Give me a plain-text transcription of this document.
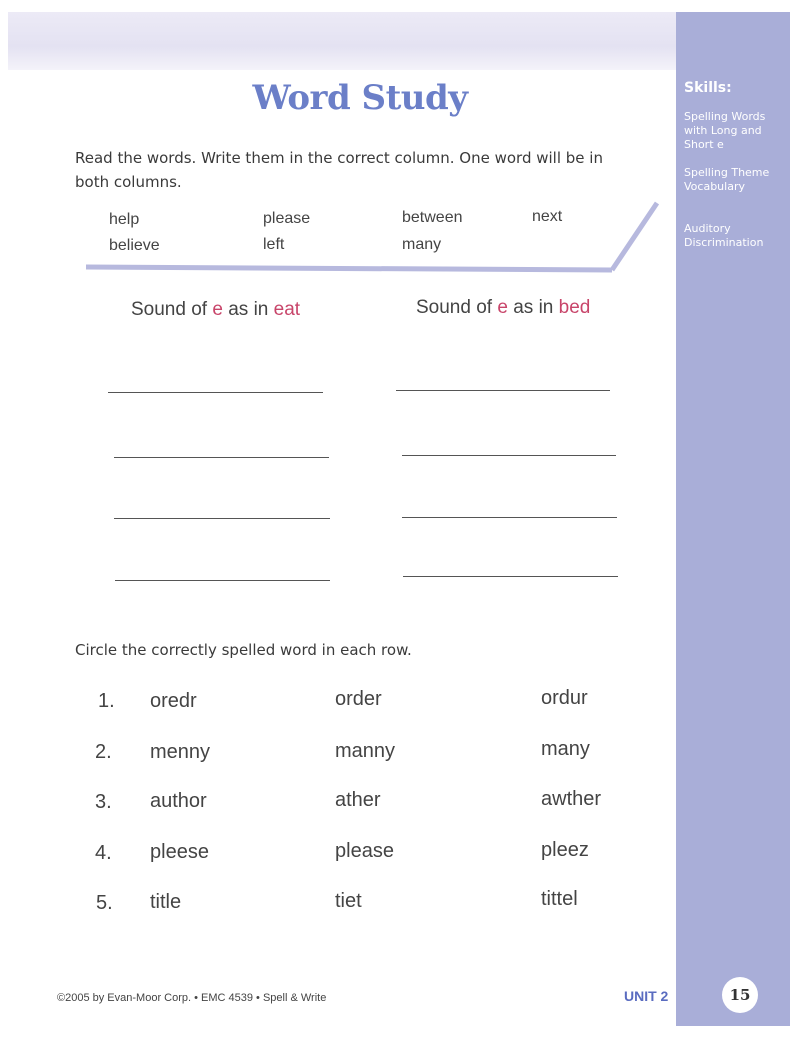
Skills:

Spelling Words with Long and Short e
Spelling Theme Vocabulary
Auditory Discrimination
Word Study

Read the words. Write them in the correct column. One word will be in both columns.

help	please	between	next
believe	left	many
Sound of e as in eat	Sound of e as in bed

Circle the correctly spelled word in each row.

1. oredr	order	ordur
2. menny	manny	many
3. author	ather	awther
4. pleese	please	pleez
5. title	tiet	tittel
©2005 by Evan-Moor Corp. • EMC 4539 • Spell & Write	UNIT 2	15
